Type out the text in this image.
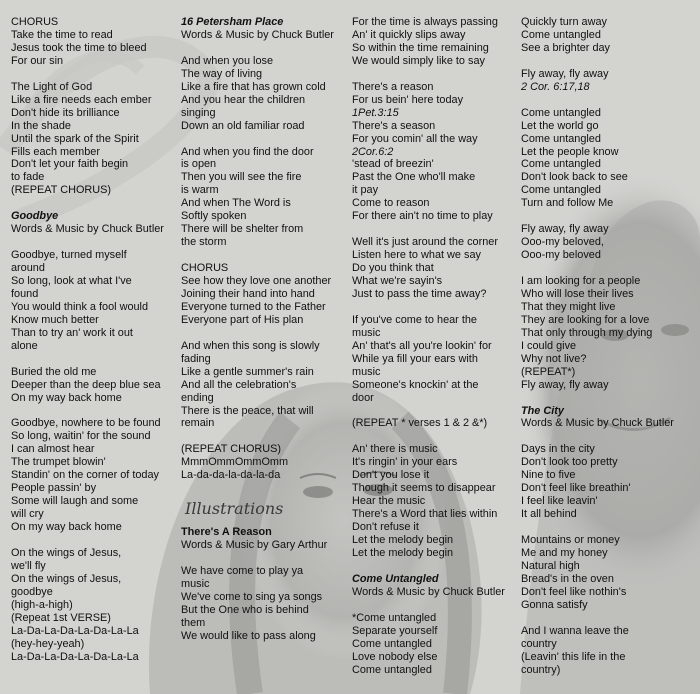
CHORUS
Take the time to read
Jesus took the time to bleed
For our sin
The Light of God
Like a fire needs each ember
Don't hide its brilliance
In the shade
Until the spark of the Spirit
Fills each member
Don't let your faith begin
to fade
(REPEAT CHORUS)
Goodbye
Words & Music by Chuck Butler
Goodbye, turned myself
around
So long, look at what I've
found
You would think a fool would
Know much better
Than to try an' work it out
alone
Buried the old me
Deeper than the deep blue sea
On my way back home
Goodbye, nowhere to be found
So long, waitin' for the sound
I can almost hear
The trumpet blowin'
Standin' on the corner of today
People passin' by
Some will laugh and some
will cry
On my way back home
On the wings of Jesus,
we'll fly
On the wings of Jesus,
goodbye
(high-a-high)
(Repeat 1st VERSE)
La-Da-La-Da-La-Da-La-La
(hey-hey-yeah)
La-Da-La-Da-La-Da-La-La
16 Petersham Place
Words & Music by Chuck Butler
And when you lose
The way of living
Like a fire that has grown cold
And you hear the children
singing
Down an old familiar road
And when you find the door
is open
Then you will see the fire
is warm
And when The Word is
Softly spoken
There will be shelter from
the storm
CHORUS
See how they love one another
Joining their hand into hand
Everyone turned to the Father
Everyone part of His plan
And when this song is slowly
fading
Like a gentle summer's rain
And all the celebration's
ending
There is the peace, that will
remain
(REPEAT CHORUS)
MmmOmmOmmOmm
La-da-da-la-da-la-da
Illustrations
There's A Reason
Words & Music by Gary Arthur
We have come to play ya
music
We've come to sing ya songs
But the One who is behind
them
We would like to pass along
For the time is always passing
An' it quickly slips away
So within the time remaining
We would simply like to say
There's a reason
For us bein' here today
1Pet.3:15
There's a season
For you comin' all the way
2Cor.6:2
'stead of breezin'
Past the One who'll make
it pay
Come to reason
For there ain't no time to play
Well it's just around the corner
Listen here to what we say
Do you think that
What we're sayin's
Just to pass the time away?
If you've come to hear the
music
An' that's all you're lookin' for
While ya fill your ears with
music
Someone's knockin' at the
door
(REPEAT * verses 1 & 2 &*)
An' there is music
It's ringin' in your ears
Don't you lose it
Though it seems to disappear
Hear the music
There's a Word that lies within
Don't refuse it
Let the melody begin
Let the melody begin
Come Untangled
Words & Music by Chuck Butler
*Come untangled
Separate yourself
Come untangled
Love nobody else
Come untangled
Quickly turn away
Come untangled
See a brighter day
Fly away, fly away
2 Cor. 6:17,18
Come untangled
Let the world go
Come untangled
Let the people know
Come untangled
Don't look back to see
Come untangled
Turn and follow Me
Fly away, fly away
Ooo-my beloved,
Ooo-my beloved
I am looking for a people
Who will lose their lives
That they might live
They are looking for a love
That only through my dying
I could give
Why not live?
(REPEAT*)
Fly away, fly away
The City
Words & Music by Chuck Butler
Days in the city
Don't look too pretty
Nine to five
Don't feel like breathin'
I feel like leavin'
It all behind
Mountains or money
Me and my honey
Natural high
Bread's in the oven
Don't feel like nothin's
Gonna satisfy
And I wanna leave the
country
(Leavin' this life in the
country)
